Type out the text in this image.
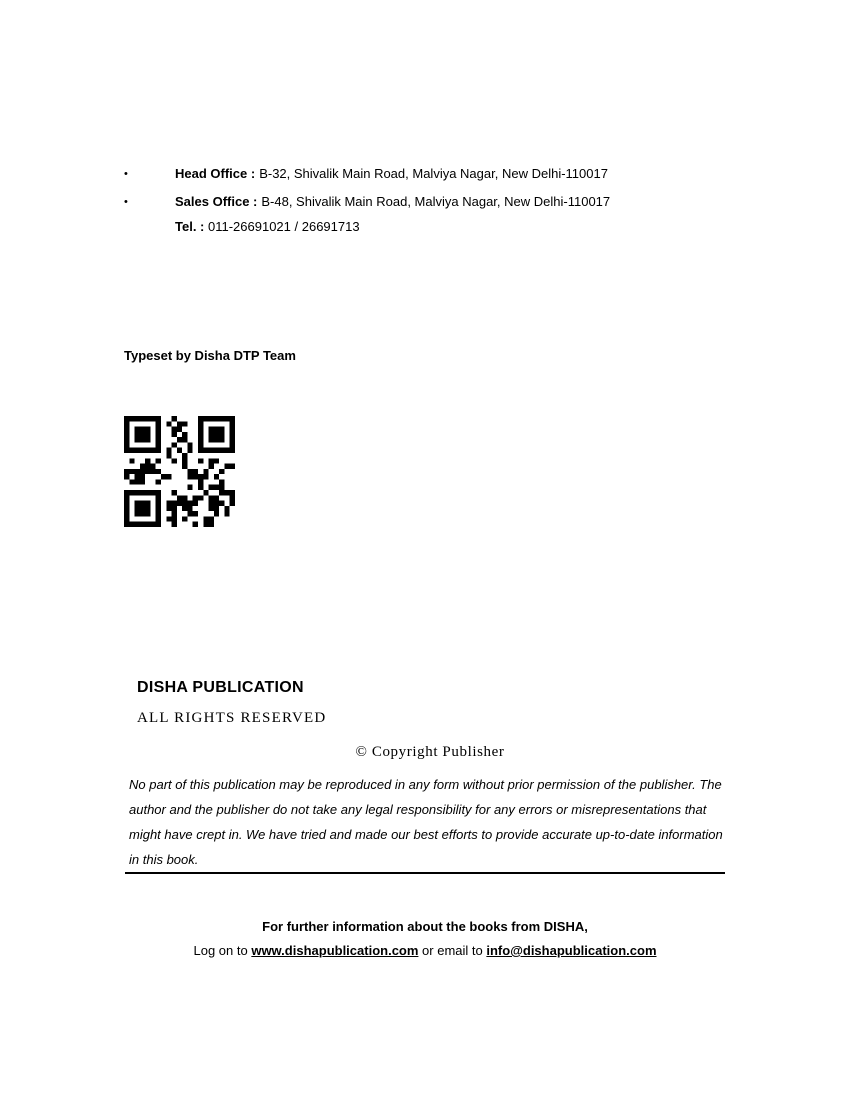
•	Head Office : B-32, Shivalik Main Road, Malviya Nagar, New Delhi-110017
•	Sales Office : B-48, Shivalik Main Road, Malviya Nagar, New Delhi-110017
Tel. : 011-26691021 / 26691713
Typeset by Disha DTP Team
DISHA PUBLICATION
ALL RIGHTS RESERVED
© Copyright Publisher
No part of this publication may be reproduced in any form without prior permission of the publisher. The author and the publisher do not take any legal responsibility for any errors or misrepresentations that might have crept in. We have tried and made our best efforts to provide accurate up-to-date information in this book.
For further information about the books from DISHA,
Log on to www.dishapublication.com or email to info@dishapublication.com
